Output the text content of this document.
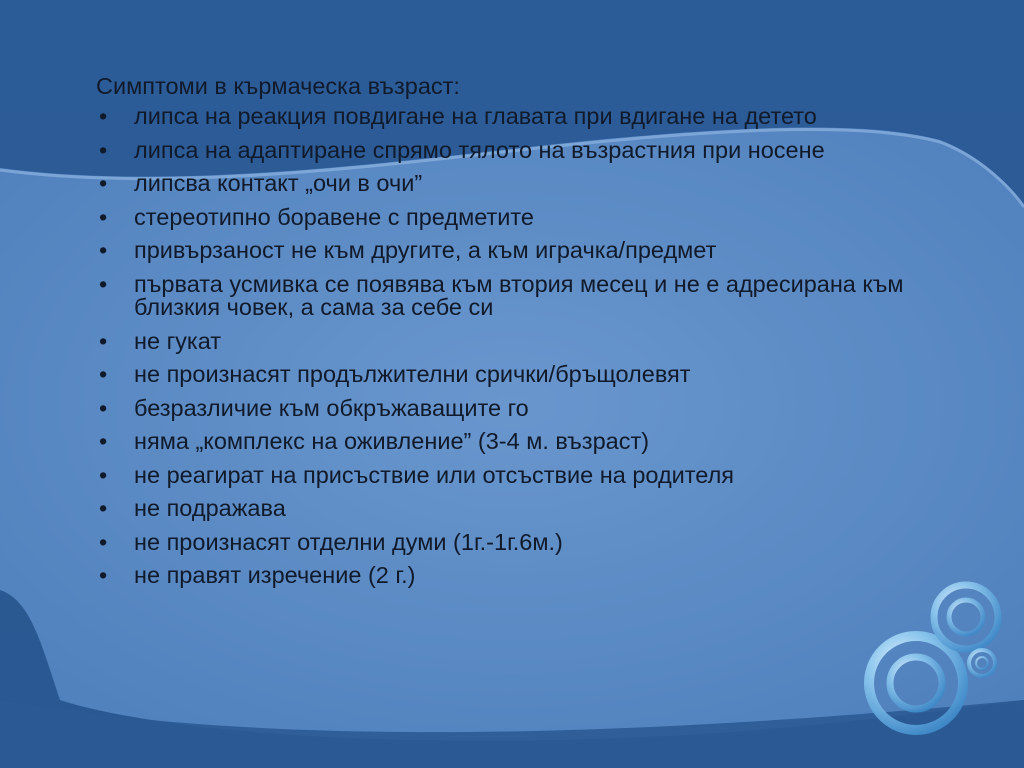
Симптоми в кърмаческа възраст:
• липса на реакция повдигане на главата при вдигане на детето
• липса на адаптиране спрямо тялото на възрастния при носене
• липсва контакт „очи в очи”
• стереотипно боравене с предметите
• привързаност не към другите, а към играчка/предмет
• първата усмивка се появява към втория месец и не е адресирана към близкия човек, а сама за себе си
• не гукат
• не произнасят продължителни срички/бръщолевят
• безразличие към обкръжаващите го
• няма „комплекс на оживление” (3-4 м. възраст)
• не реагират на присъствие или отсъствие на родителя
• не подражава
• не произнасят отделни думи (1г.-1г.6м.)
• не правят изречение (2 г.)
